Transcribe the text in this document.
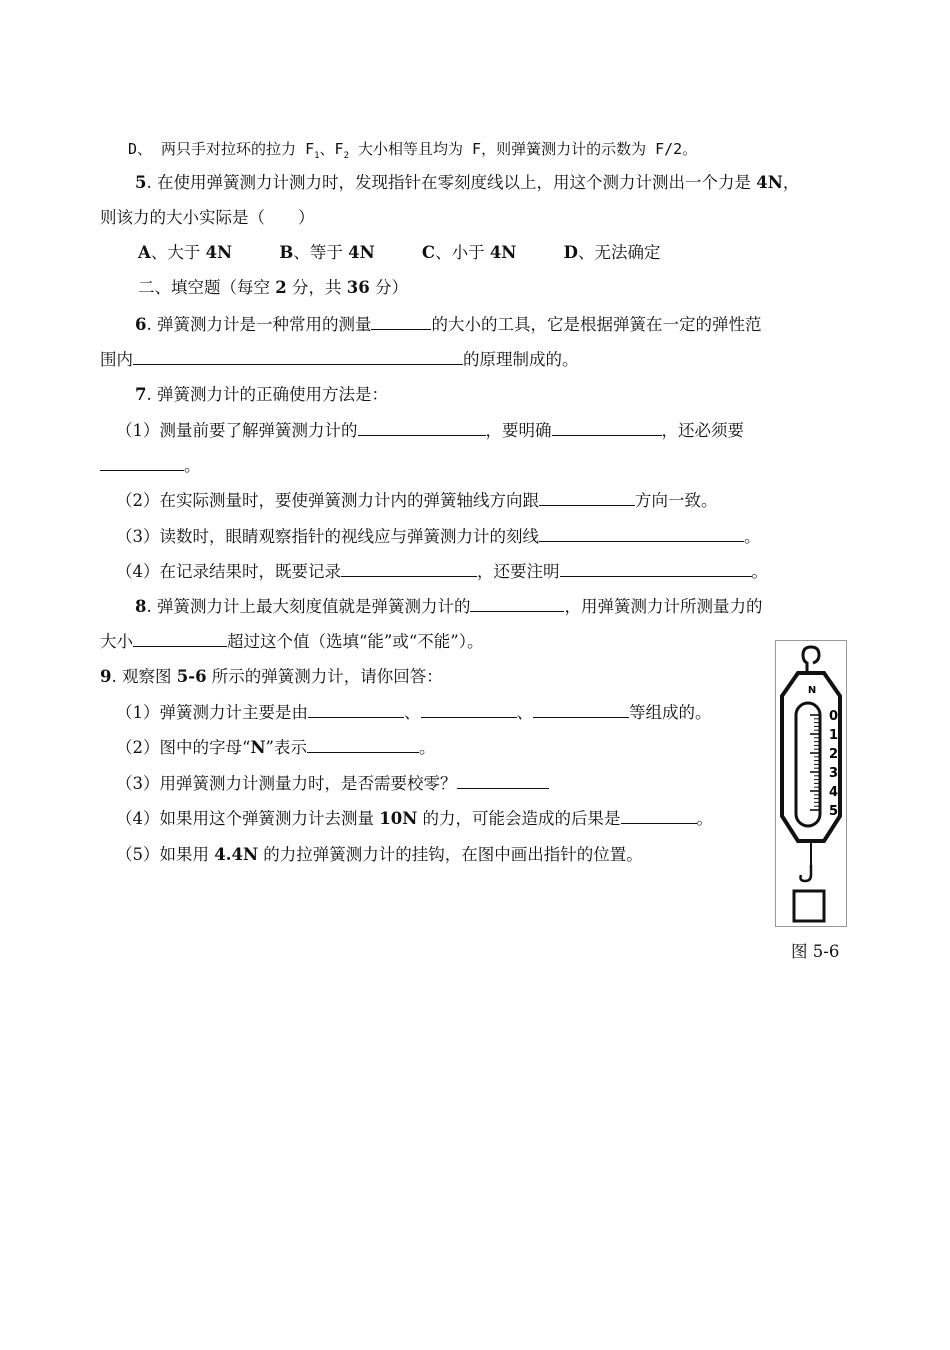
D、 两只手对拉环的拉力 $F_1$、$F_2$ 大小相等且均为 F，则弹簧测力计的示数为 F/2。
5. 在使用弹簧测力计测力时，发现指针在零刻度线以上，用这个测力计测出一个力是 4N，
则该力的大小实际是（　　）
A、大于 4N	B、等于 4N	C、小于 4N	D、无法确定
二、填空题（每空 2 分，共 36 分）
6. 弹簧测力计是一种常用的测量	的大小的工具，它是根据弹簧在一定的弹性范
围内	的原理制成的。
7. 弹簧测力计的正确使用方法是：
（1）测量前要了解弹簧测力计的	，要明确	，还必须要
。
（2）在实际测量时，要使弹簧测力计内的弹簧轴线方向跟	方向一致。
（3）读数时，眼睛观察指针的视线应与弹簧测力计的刻线	。
（4）在记录结果时，既要记录	，还要注明	。
8. 弹簧测力计上最大刻度值就是弹簧测力计的	，用弹簧测力计所测量力的
大小	超过这个值（选填“能”或“不能”）。
9. 观察图 5-6 所示的弹簧测力计，请你回答：
（1）弹簧测力计主要是由	、	、	等组成的。
（2）图中的字母“N”表示	。
（3）用弹簧测力计测量力时，是否需要校零？
（4）如果用这个弹簧测力计去测量 10N 的力，可能会造成的后果是	。
（5）如果用 4.4N 的力拉弹簧测力计的挂钩，在图中画出指针的位置。
N
0
1
2
3
4
5
图 5-6
